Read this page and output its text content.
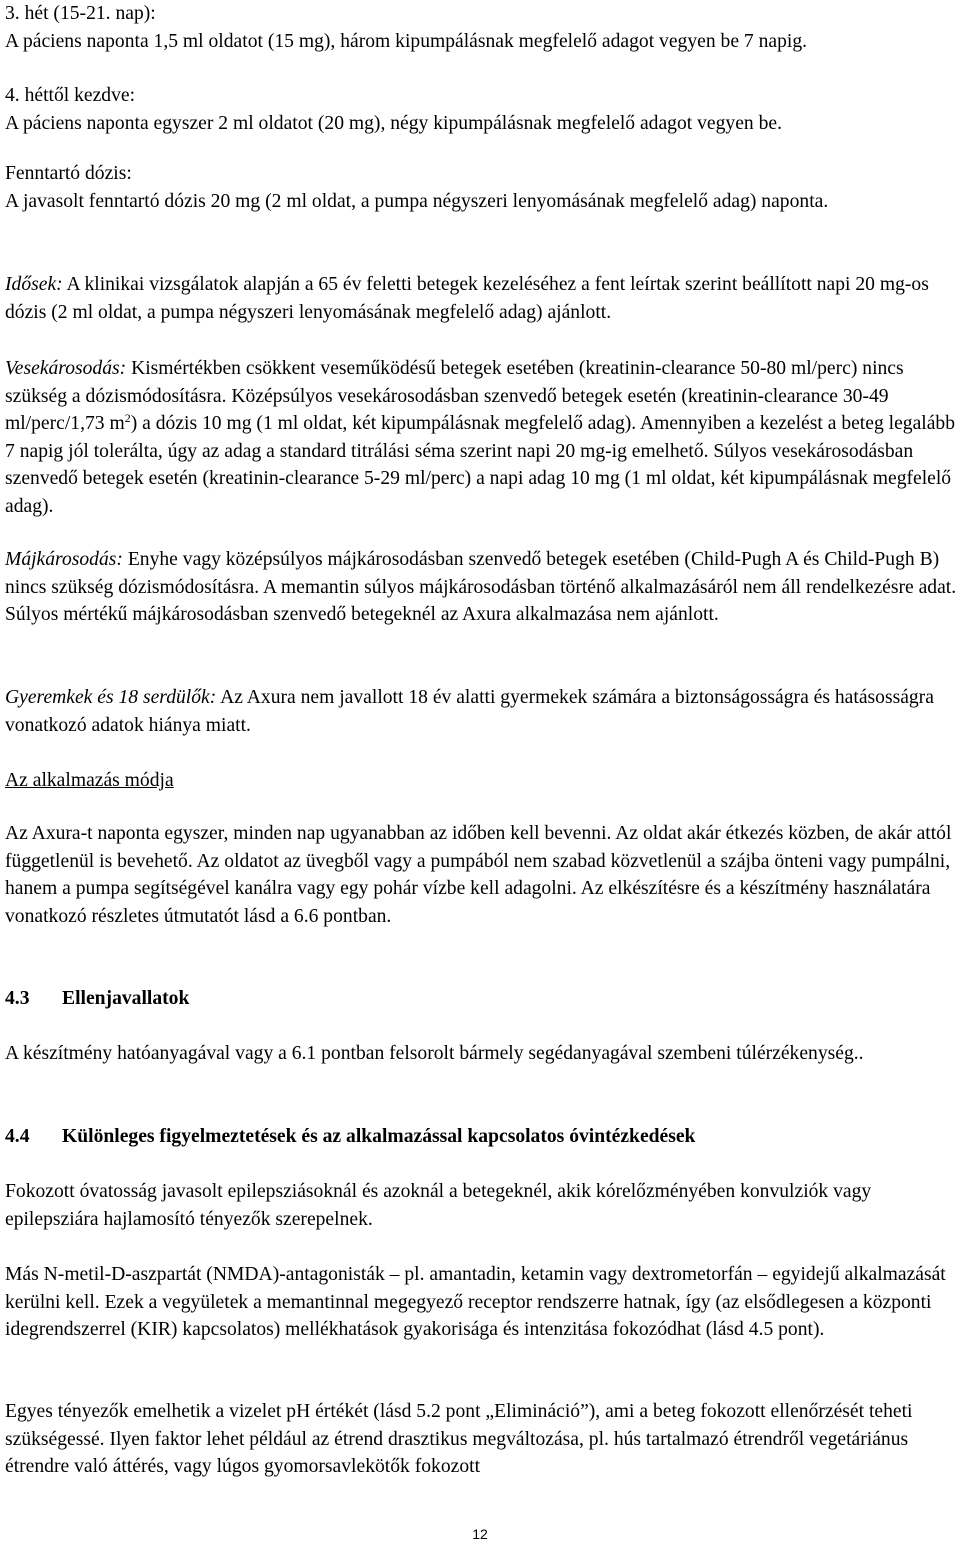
3. hét (15-21. nap):

A páciens naponta 1,5 ml oldatot (15 mg), három kipumpálásnak megfelelő adagot vegyen be 7 napig.

4. héttől kezdve:

A páciens naponta egyszer 2 ml oldatot (20 mg), négy kipumpálásnak megfelelő adagot vegyen be.

Fenntartó dózis:

A javasolt fenntartó dózis 20 mg (2 ml oldat, a pumpa négyszeri lenyomásának megfelelő adag) naponta.

Idősek: A klinikai vizsgálatok alapján a 65 év feletti betegek kezeléséhez a fent leírtak szerint beállított napi 20 mg-os dózis (2 ml oldat, a pumpa négyszeri lenyomásának megfelelő adag) ajánlott.

Vesekárosodás: Kismértékben csökkent veseműködésű betegek esetében (kreatinin-clearance 50-80 ml/perc) nincs szükség a dózismódosításra. Középsúlyos vesekárosodásban szenvedő betegek esetén (kreatinin-clearance 30-49 ml/perc/1,73 $m^2$) a dózis 10 mg (1 ml oldat, két kipumpálásnak megfelelő adag). Amennyiben a kezelést a beteg legalább 7 napig jól tolerálta, úgy az adag a standard titrálási séma szerint napi 20 mg-ig emelhető. Súlyos vesekárosodásban szenvedő betegek esetén (kreatinin-clearance 5-29 ml/perc) a napi adag 10 mg (1 ml oldat, két kipumpálásnak megfelelő adag).

Májkárosodás: Enyhe vagy középsúlyos májkárosodásban szenvedő betegek esetében (Child-Pugh A és Child-Pugh B) nincs szükség dózismódosításra. A memantin súlyos májkárosodásban történő alkalmazásáról nem áll rendelkezésre adat. Súlyos mértékű májkárosodásban szenvedő betegeknél az Axura alkalmazása nem ajánlott.

Gyeremkek és 18 serdülők: Az Axura nem javallott 18 év alatti gyermekek számára a biztonságosságra és hatásosságra vonatkozó adatok hiánya miatt.

Az alkalmazás módja

Az Axura-t naponta egyszer, minden nap ugyanabban az időben kell bevenni. Az oldat akár étkezés közben, de akár attól függetlenül is bevehető. Az oldatot az üvegből vagy a pumpából nem szabad közvetlenül a szájba önteni vagy pumpálni, hanem a pumpa segítségével kanálra vagy egy pohár vízbe kell adagolni. Az elkészítésre és a készítmény használatára vonatkozó részletes útmutatót lásd a 6.6 pontban.

4.3 Ellenjavallatok

A készítmény hatóanyagával vagy a 6.1 pontban felsorolt bármely segédanyagával szembeni túlérzékenység..

4.4 Különleges figyelmeztetések és az alkalmazással kapcsolatos óvintézkedések

Fokozott óvatosság javasolt epilepsziásoknál és azoknál a betegeknél, akik kórelőzményében konvulziók vagy epilepsziára hajlamosító tényezők szerepelnek.

Más N-metil-D-aszpartát (NMDA)-antagonisták – pl. amantadin, ketamin vagy dextrometorfán – egyidejű alkalmazását kerülni kell. Ezek a vegyületek a memantinnal megegyező receptor rendszerre hatnak, így (az elsődlegesen a központi idegrendszerrel (KIR) kapcsolatos) mellékhatások gyakorisága és intenzitása fokozódhat (lásd 4.5 pont).

Egyes tényezők emelhetik a vizelet pH értékét (lásd 5.2 pont „Elimináció”), ami a beteg fokozott ellenőrzését teheti szükségessé. Ilyen faktor lehet például az étrend drasztikus megváltozása, pl. hús tartalmazó étrendről vegetáriánus étrendre való áttérés, vagy lúgos gyomorsavlekötők fokozott

12
